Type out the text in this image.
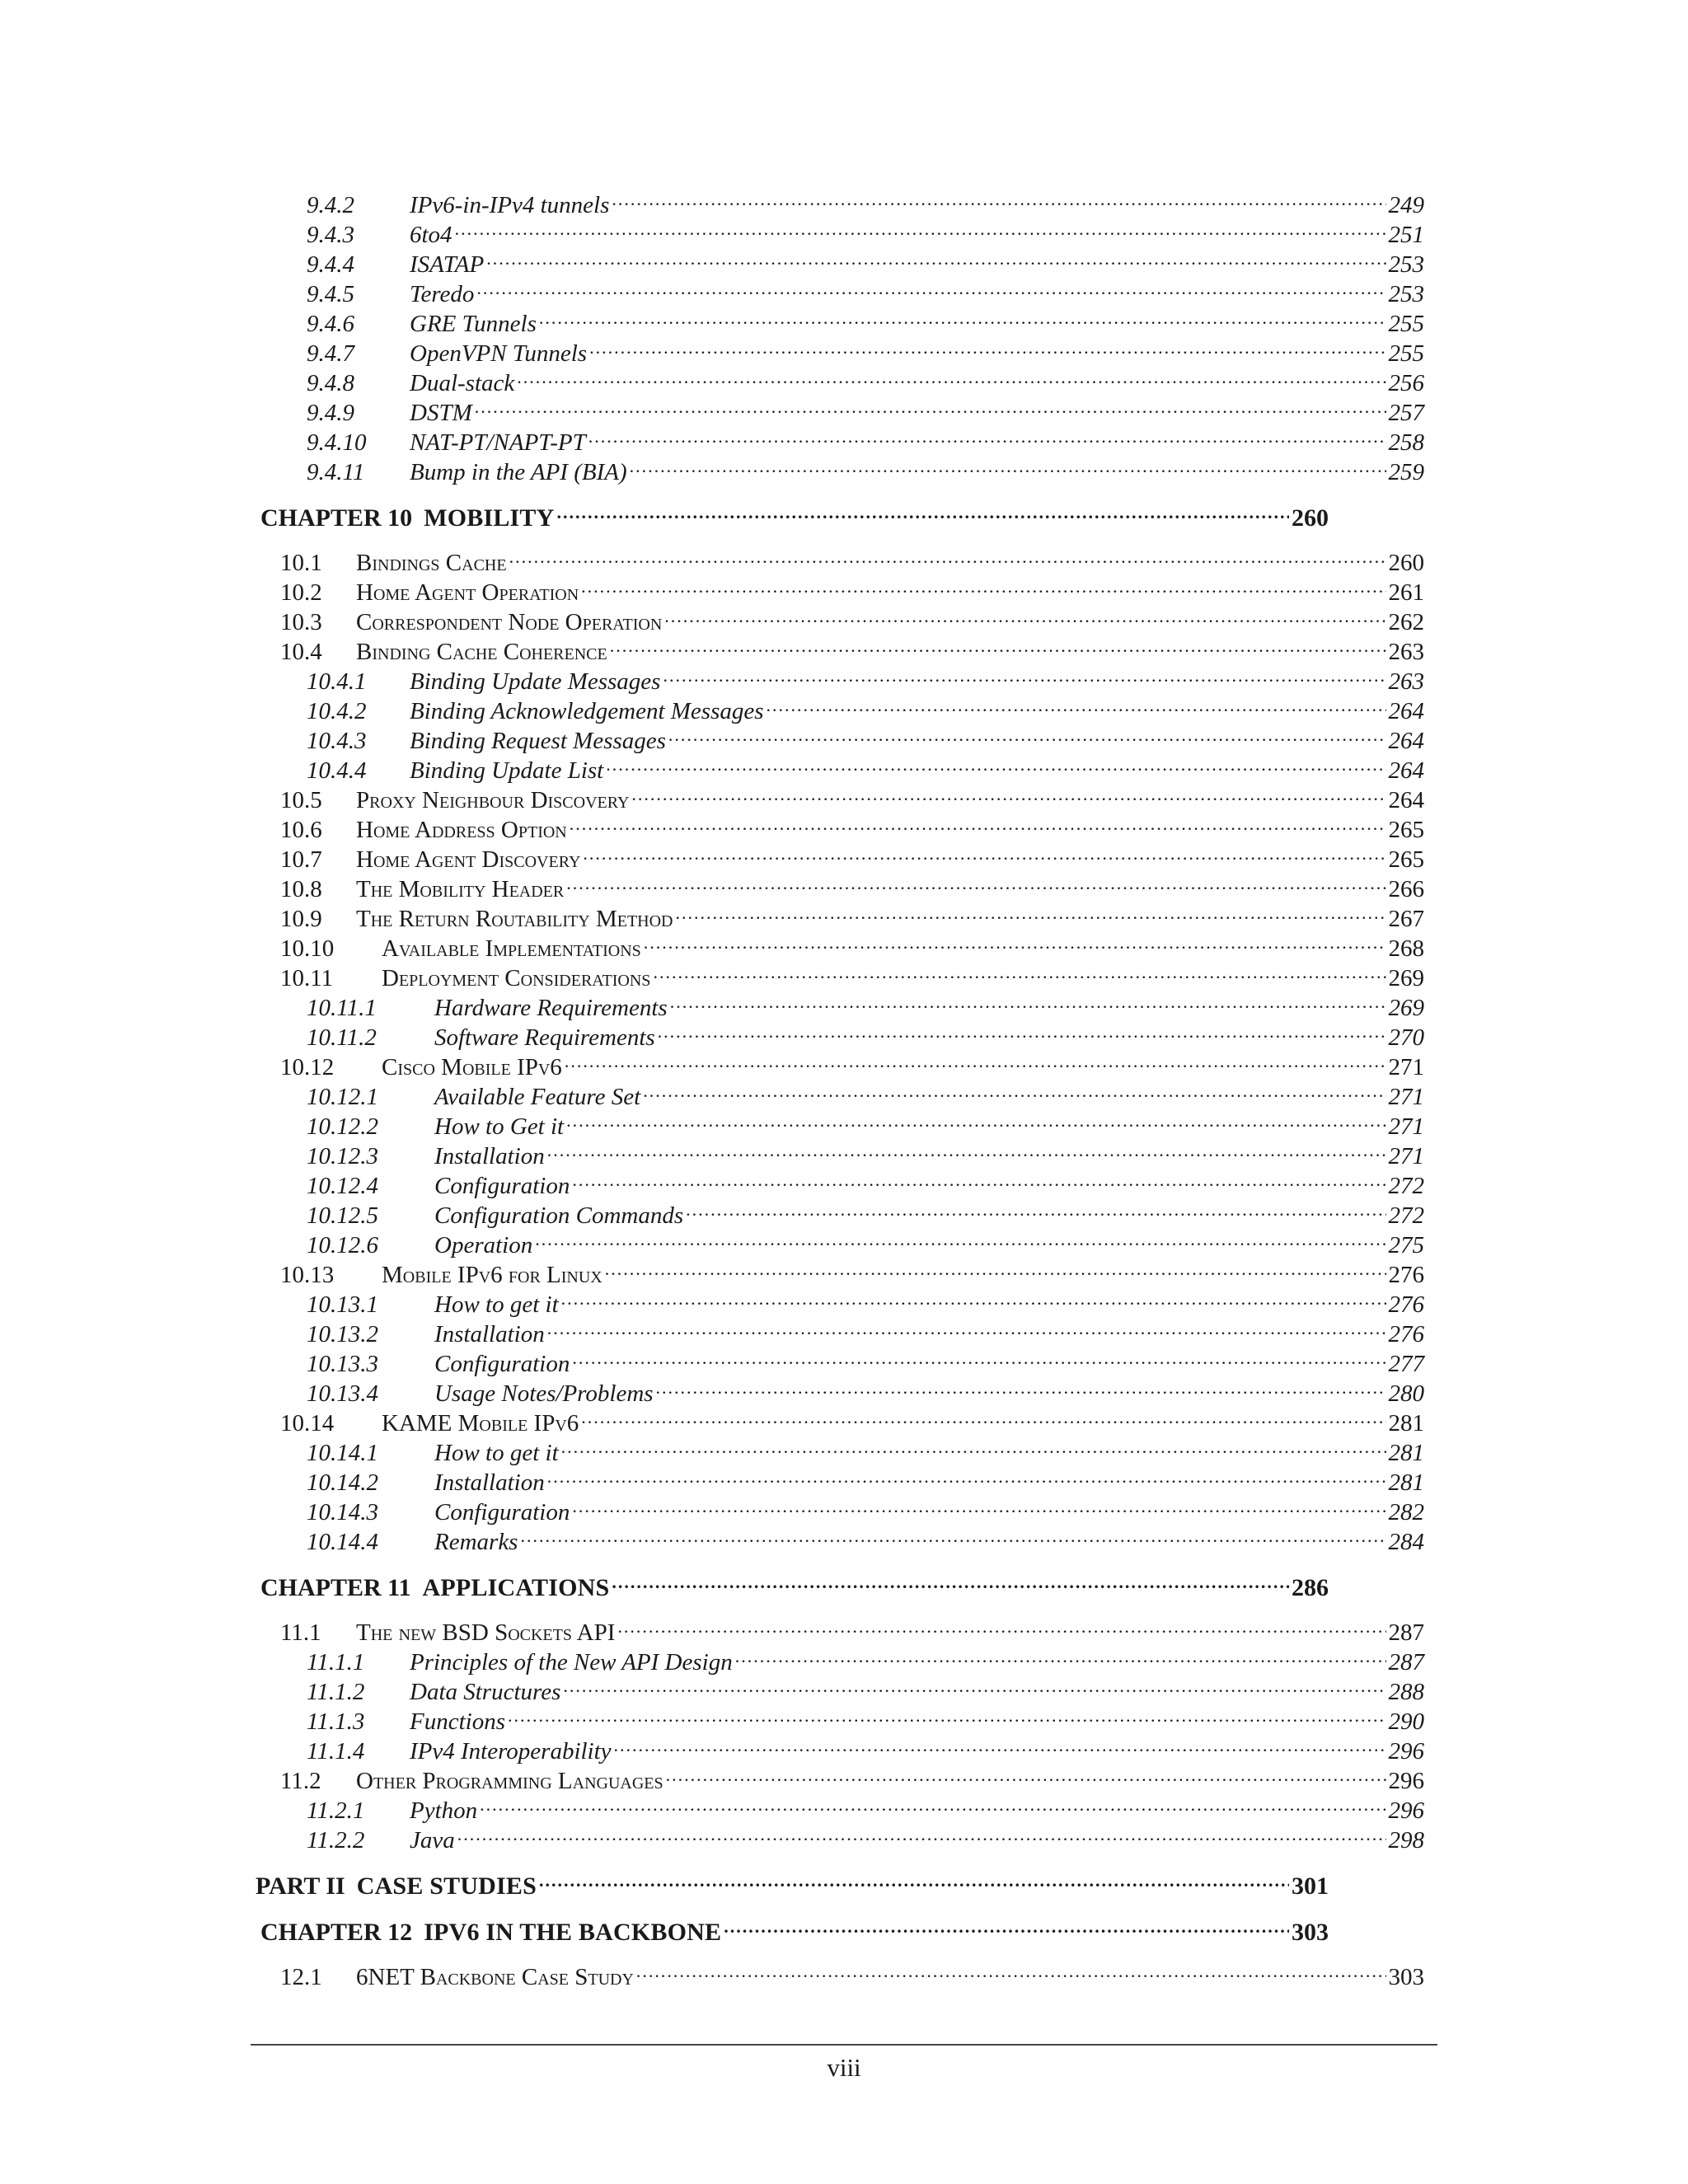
9.4.2	IPv6-in-IPv4 tunnels .....	249
9.4.3	6to4 .....	251
9.4.4	ISATAP .....	253
9.4.5	Teredo .....	253
9.4.6	GRE Tunnels .....	255
9.4.7	OpenVPN Tunnels .....	255
9.4.8	Dual-stack .....	256
9.4.9	DSTM .....	257
9.4.10	NAT-PT/NAPT-PT .....	258
9.4.11	Bump in the API (BIA) .....	259
CHAPTER 10 MOBILITY .....	260
10.1	Bindings Cache .....	260
10.2	Home Agent Operation .....	261
10.3	Correspondent Node Operation .....	262
10.4	Binding Cache Coherence .....	263
10.4.1	Binding Update Messages .....	263
10.4.2	Binding Acknowledgement Messages .....	264
10.4.3	Binding Request Messages .....	264
10.4.4	Binding Update List .....	264
10.5	Proxy Neighbour Discovery .....	264
10.6	Home Address Option .....	265
10.7	Home Agent Discovery .....	265
10.8	The Mobility Header .....	266
10.9	The Return Routability Method .....	267
10.10	Available Implementations .....	268
10.11	Deployment Considerations .....	269
10.11.1	Hardware Requirements .....	269
10.11.2	Software Requirements .....	270
10.12	Cisco Mobile IPv6 .....	271
10.12.1	Available Feature Set .....	271
10.12.2	How to Get it .....	271
10.12.3	Installation .....	271
10.12.4	Configuration .....	272
10.12.5	Configuration Commands .....	272
10.12.6	Operation .....	275
10.13	Mobile IPv6 for Linux .....	276
10.13.1	How to get it .....	276
10.13.2	Installation .....	276
10.13.3	Configuration .....	277
10.13.4	Usage Notes/Problems .....	280
10.14	KAME Mobile IPv6 .....	281
10.14.1	How to get it .....	281
10.14.2	Installation .....	281
10.14.3	Configuration .....	282
10.14.4	Remarks .....	284
CHAPTER 11 APPLICATIONS .....	286
11.1	The new BSD Sockets API .....	287
11.1.1	Principles of the New API Design .....	287
11.1.2	Data Structures .....	288
11.1.3	Functions .....	290
11.1.4	IPv4 Interoperability .....	296
11.2	Other Programming Languages .....	296
11.2.1	Python .....	296
11.2.2	Java .....	298
PART II CASE STUDIES .....	301
CHAPTER 12 IPV6 IN THE BACKBONE .....	303
12.1	6NET Backbone Case Study .....	303
viii
